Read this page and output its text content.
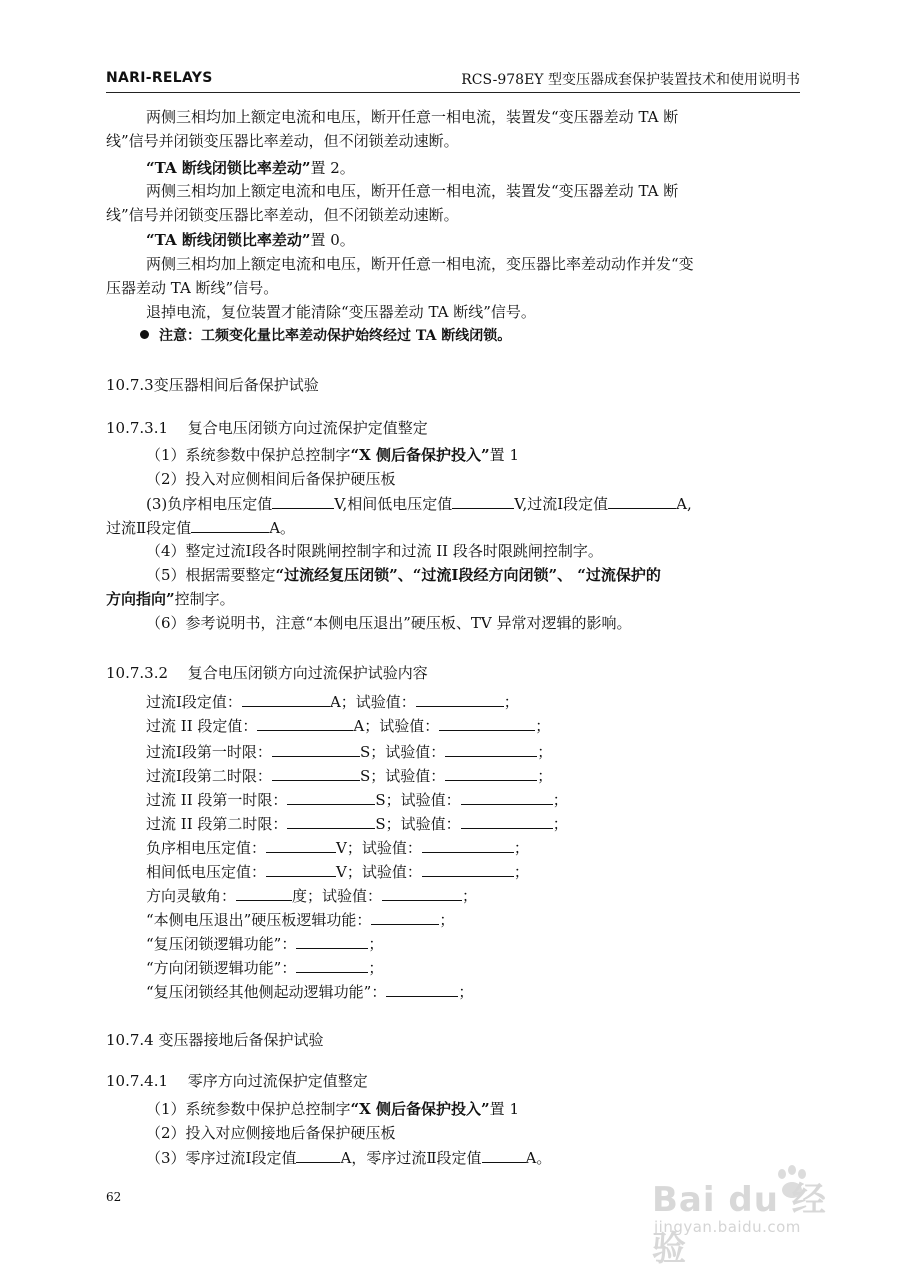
NARI-RELAYS	RCS-978EY 型变压器成套保护装置技术和使用说明书
两侧三相均加上额定电流和电压，断开任意一相电流，装置发“变压器差动 TA 断
线”信号并闭锁变压器比率差动，但不闭锁差动速断。
“TA 断线闭锁比率差动”置 2。
两侧三相均加上额定电流和电压，断开任意一相电流，装置发“变压器差动 TA 断
线”信号并闭锁变压器比率差动，但不闭锁差动速断。
“TA 断线闭锁比率差动”置 0。
两侧三相均加上额定电流和电压，断开任意一相电流，变压器比率差动动作并发“变
压器差动 TA 断线”信号。
退掉电流，复位装置才能清除“变压器差动 TA 断线”信号。
注意：工频变化量比率差动保护始终经过 TA 断线闭锁。
10.7.3变压器相间后备保护试验
10.7.3.1　 复合电压闭锁方向过流保护定值整定
（1）系统参数中保护总控制字“X 侧后备保护投入”置 1
（2）投入对应侧相间后备保护硬压板
(3)负序相电压定值	V,相间低电压定值	V,过流Ⅰ段定值	A,
过流Ⅱ段定值	A。
（4）整定过流Ⅰ段各时限跳闸控制字和过流 II 段各时限跳闸控制字。
（5）根据需要整定“过流经复压闭锁”、“过流Ⅰ段经方向闭锁”、 “过流保护的
方向指向”控制字。
（6）参考说明书，注意“本侧电压退出”硬压板、TV 异常对逻辑的影响。
10.7.3.2　 复合电压闭锁方向过流保护试验内容
过流Ⅰ段定值：	A；试验值：	；
过流 II 段定值：	A；试验值：	；
过流Ⅰ段第一时限：	S；试验值：	；
过流Ⅰ段第二时限：	S；试验值：	；
过流 II 段第一时限：	S；试验值：	；
过流 II 段第二时限：	S；试验值：	；
负序相电压定值：	V；试验值：	；
相间低电压定值：	V；试验值：	；
方向灵敏角：	度；试验值：	；
“本侧电压退出”硬压板逻辑功能：	；
“复压闭锁逻辑功能”：	；
“方向闭锁逻辑功能”：	；
“复压闭锁经其他侧起动逻辑功能”：	；
10.7.4 变压器接地后备保护试验
10.7.4.1　 零序方向过流保护定值整定
（1）系统参数中保护总控制字“X 侧后备保护投入”置 1
（2）投入对应侧接地后备保护硬压板
（3）零序过流Ⅰ段定值	A，零序过流Ⅱ段定值	A。
62	Bai du 经验
jingyan.baidu.com
